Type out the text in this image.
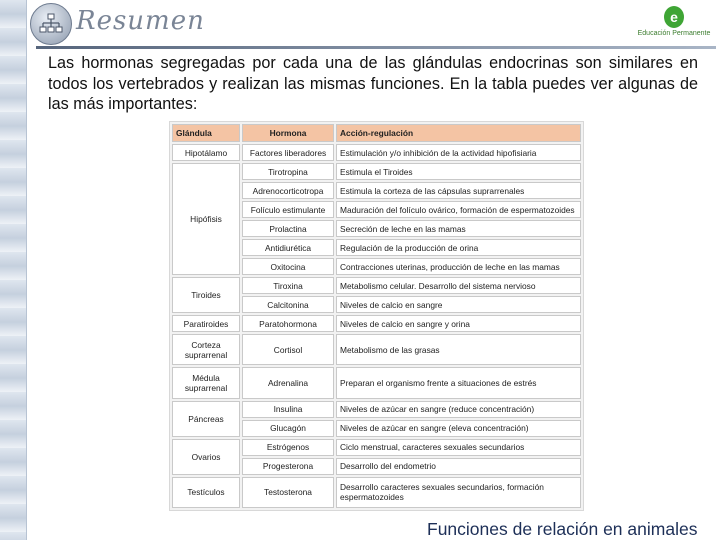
Resumen	e
Educación Permanente
Las hormonas segregadas por cada una de las glándulas endocrinas son similares en todos los vertebrados y realizan las mismas funciones. En la tabla puedes ver algunas de las más importantes:
Glándula	Hormona	Acción-regulación
Hipotálamo	Factores liberadores	Estimulación y/o inhibición de la actividad hipofisiaria
Hipófisis	Tirotropina	Estimula el Tiroides
	Adrenocorticotropa	Estimula la corteza de las cápsulas suprarrenales
	Folículo estimulante	Maduración del folículo ovárico, formación de espermatozoides
	Prolactina	Secreción de leche en las mamas
	Antidiurética	Regulación de la producción de orina
	Oxitocina	Contracciones uterinas, producción de leche en las mamas
Tiroides	Tiroxina	Metabolismo celular. Desarrollo del sistema nervioso
	Calcitonina	Niveles de calcio en sangre
Paratiroides	Paratohormona	Niveles de calcio en sangre y orina
Corteza suprarrenal	Cortisol	Metabolismo de las grasas
Médula suprarrenal	Adrenalina	Preparan el organismo frente a situaciones de estrés
Páncreas	Insulina	Niveles de azúcar en sangre (reduce concentración)
	Glucagón	Niveles de azúcar en sangre (eleva concentración)
Ovarios	Estrógenos	Ciclo menstrual, caracteres sexuales secundarios
	Progesterona	Desarrollo del endometrio
Testículos	Testosterona	Desarrollo caracteres sexuales secundarios, formación espermatozoides
Funciones de relación en animales
